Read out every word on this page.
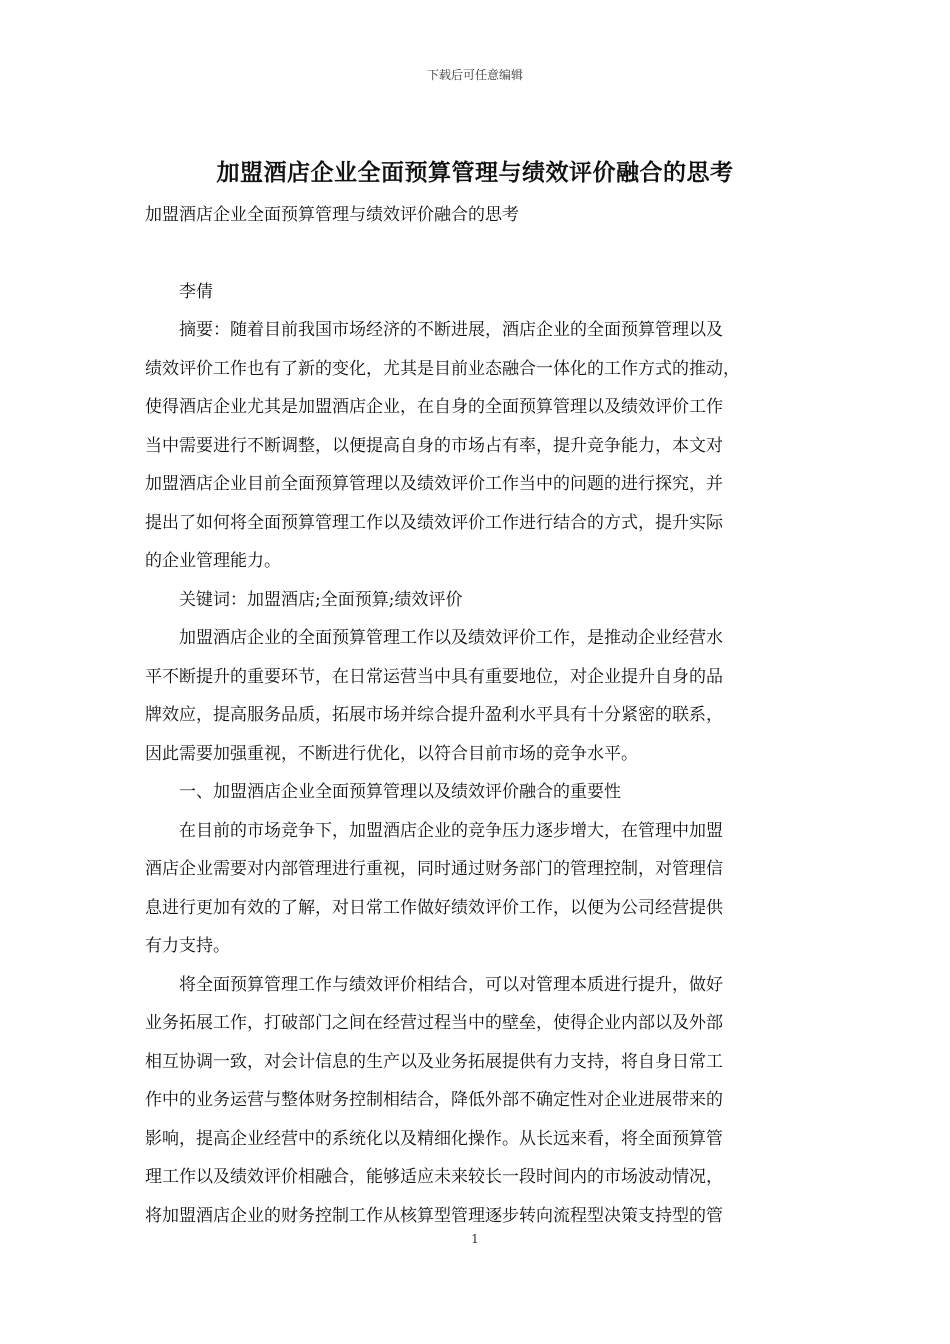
下载后可任意编辑
加盟酒店企业全面预算管理与绩效评价融合的思考

加盟酒店企业全面预算管理与绩效评价融合的思考

　　李倩

　　摘要：随着目前我国市场经济的不断进展，酒店企业的全面预算管理以及

绩效评价工作也有了新的变化，尤其是目前业态融合一体化的工作方式的推动，

使得酒店企业尤其是加盟酒店企业，在自身的全面预算管理以及绩效评价工作

当中需要进行不断调整，以便提高自身的市场占有率，提升竞争能力，本文对

加盟酒店企业目前全面预算管理以及绩效评价工作当中的问题的进行探究，并

提出了如何将全面预算管理工作以及绩效评价工作进行结合的方式，提升实际

的企业管理能力。

　　关键词：加盟酒店;全面预算;绩效评价

　　加盟酒店企业的全面预算管理工作以及绩效评价工作，是推动企业经营水

平不断提升的重要环节，在日常运营当中具有重要地位，对企业提升自身的品

牌效应，提高服务品质，拓展市场并综合提升盈利水平具有十分紧密的联系，

因此需要加强重视，不断进行优化，以符合目前市场的竞争水平。

　　一、加盟酒店企业全面预算管理以及绩效评价融合的重要性

　　在目前的市场竞争下，加盟酒店企业的竞争压力逐步增大，在管理中加盟

酒店企业需要对内部管理进行重视，同时通过财务部门的管理控制，对管理信

息进行更加有效的了解，对日常工作做好绩效评价工作，以便为公司经营提供

有力支持。

　　将全面预算管理工作与绩效评价相结合，可以对管理本质进行提升，做好

业务拓展工作，打破部门之间在经营过程当中的壁垒，使得企业内部以及外部

相互协调一致，对会计信息的生产以及业务拓展提供有力支持，将自身日常工

作中的业务运营与整体财务控制相结合，降低外部不确定性对企业进展带来的

影响，提高企业经营中的系统化以及精细化操作。从长远来看，将全面预算管

理工作以及绩效评价相融合，能够适应未来较长一段时间内的市场波动情况，

将加盟酒店企业的财务控制工作从核算型管理逐步转向流程型决策支持型的管

1
